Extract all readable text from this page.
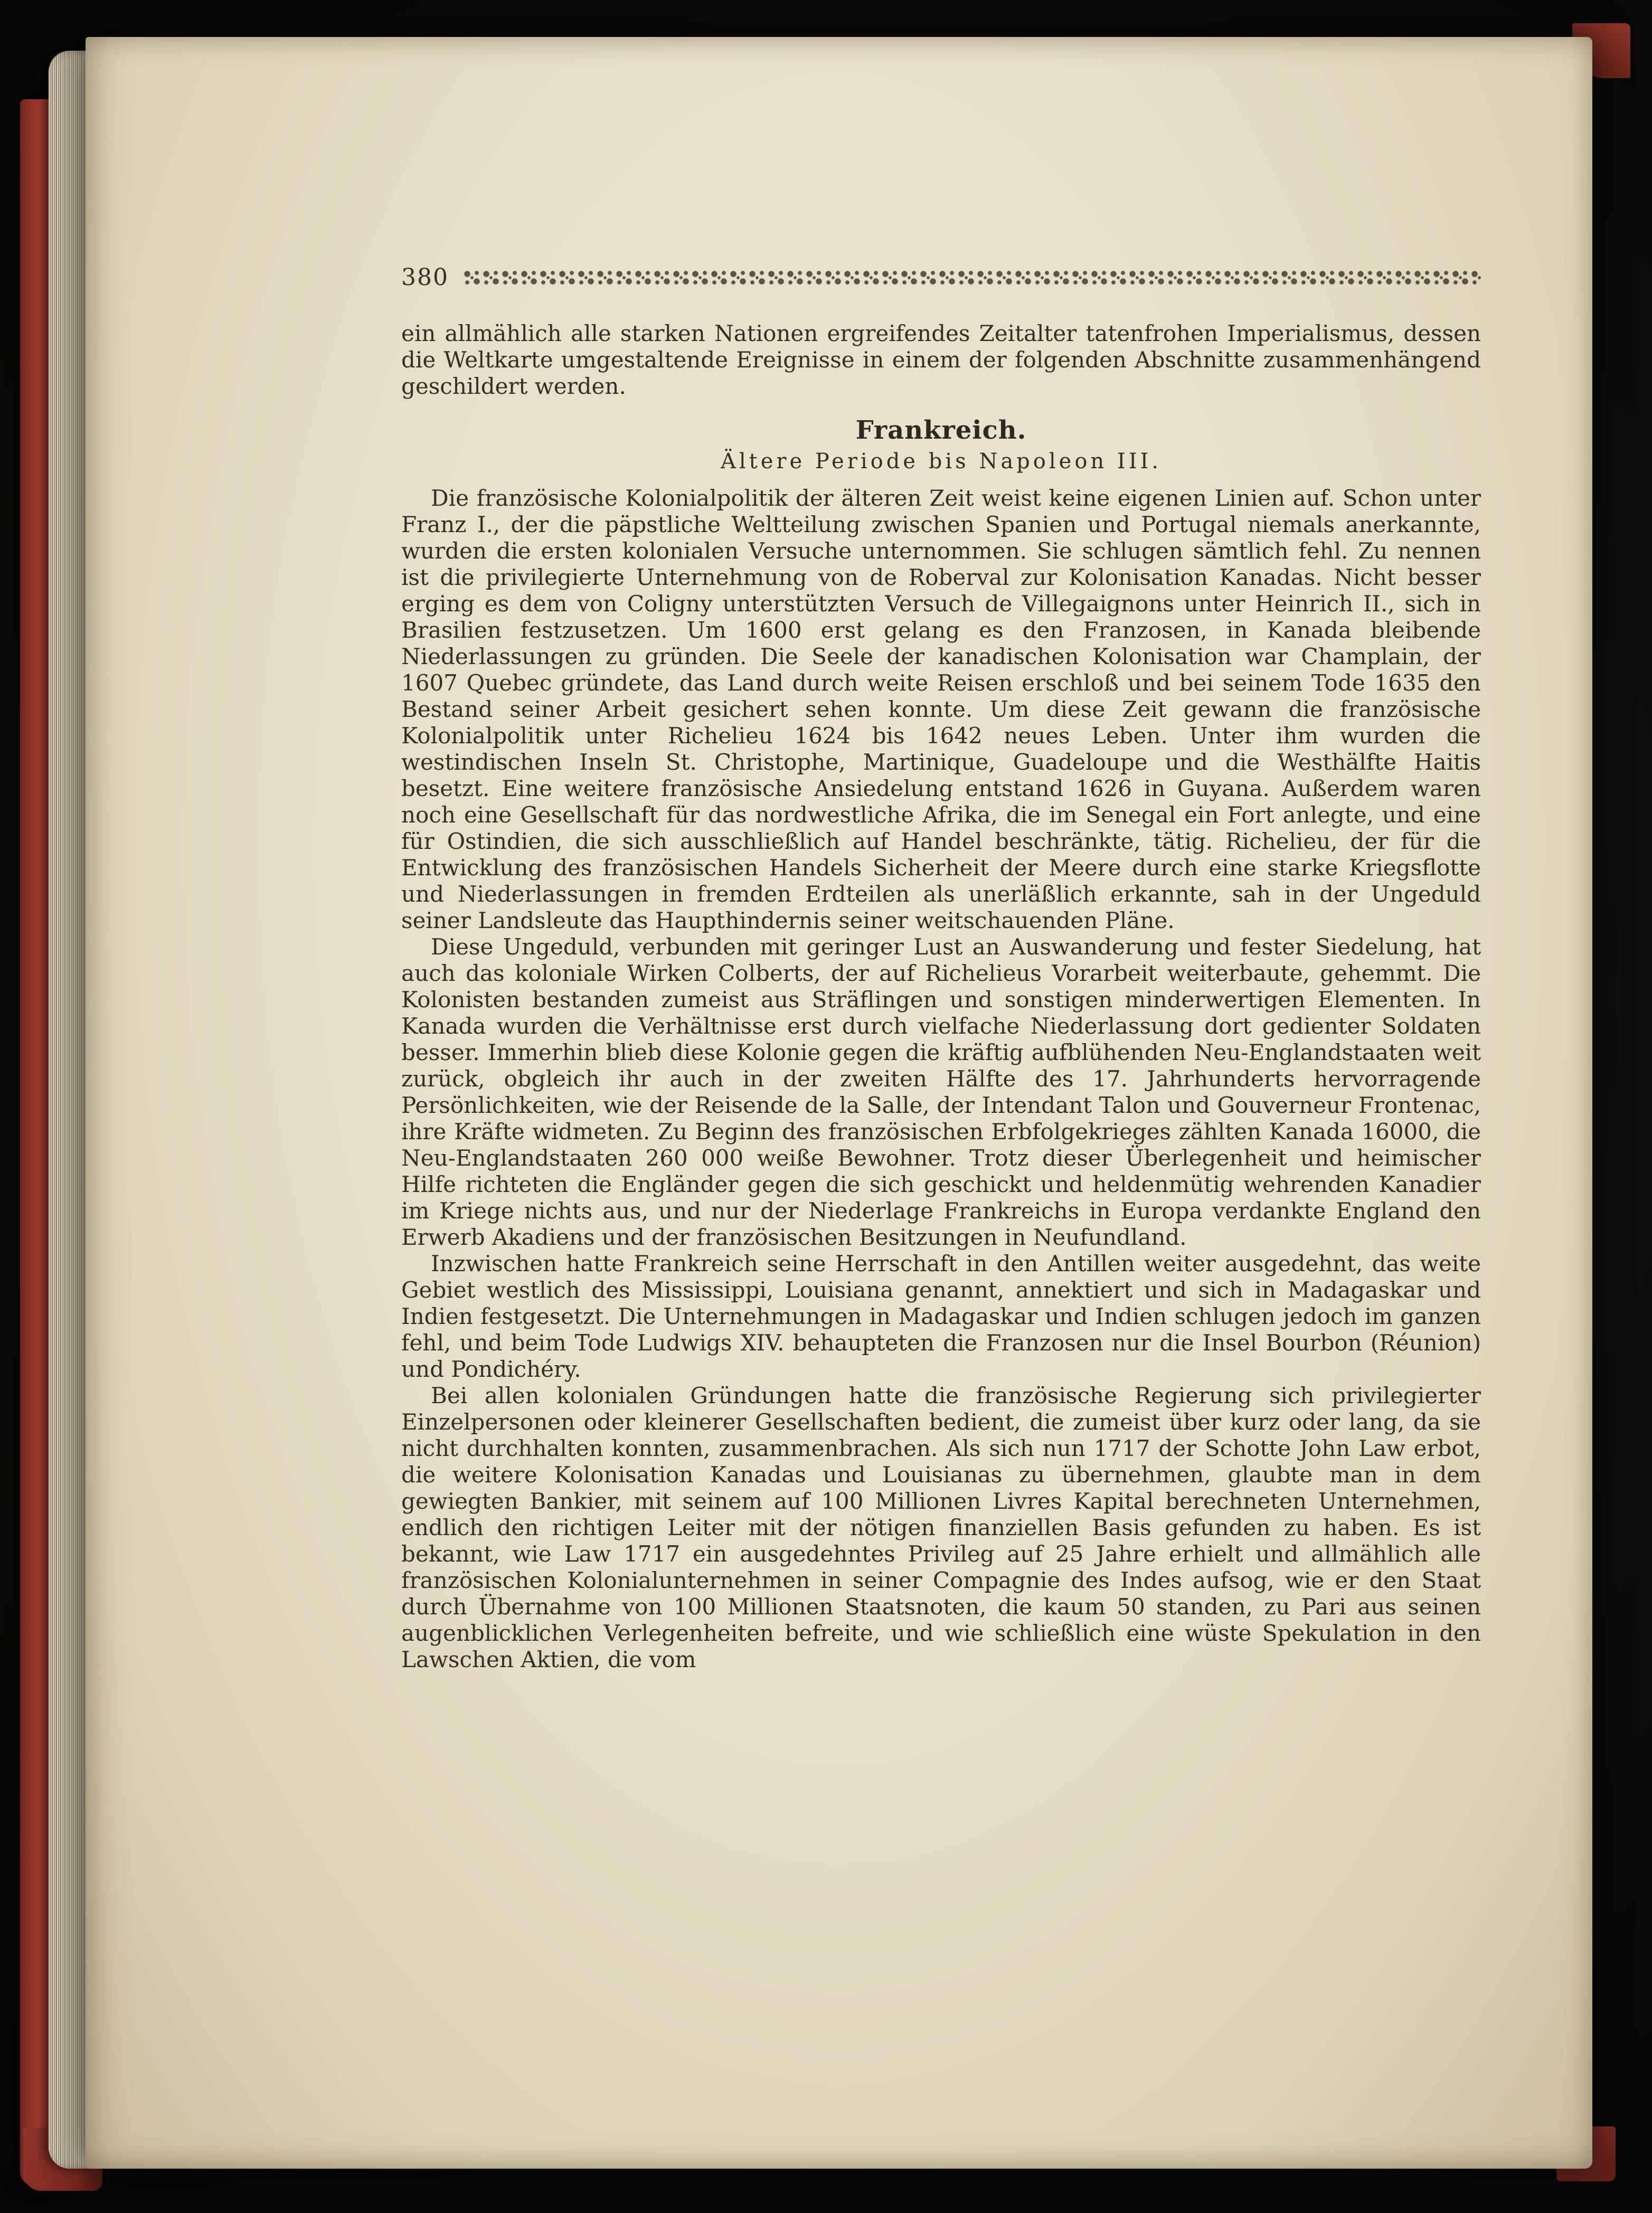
380

ein allmählich alle starken Nationen ergreifendes Zeitalter tatenfrohen Imperialismus, dessen die Weltkarte umgestaltende Ereignisse in einem der folgenden Abschnitte zusammenhängend geschildert werden.

Frankreich.
Ältere Periode bis Napoleon III.

Die französische Kolonialpolitik der älteren Zeit weist keine eigenen Linien auf. Schon unter Franz I., der die päpstliche Weltteilung zwischen Spanien und Portugal niemals anerkannte, wurden die ersten kolonialen Versuche unternommen. Sie schlugen sämtlich fehl. Zu nennen ist die privilegierte Unternehmung von de Roberval zur Kolonisation Kanadas. Nicht besser erging es dem von Coligny unterstützten Versuch de Villegaignons unter Heinrich II., sich in Brasilien festzusetzen. Um 1600 erst gelang es den Franzosen, in Kanada bleibende Niederlassungen zu gründen. Die Seele der kanadischen Kolonisation war Champlain, der 1607 Quebec gründete, das Land durch weite Reisen erschloß und bei seinem Tode 1635 den Bestand seiner Arbeit gesichert sehen konnte. Um diese Zeit gewann die französische Kolonialpolitik unter Richelieu 1624 bis 1642 neues Leben. Unter ihm wurden die westindischen Inseln St. Christophe, Martinique, Guadeloupe und die Westhälfte Haitis besetzt. Eine weitere französische Ansiedelung entstand 1626 in Guyana. Außerdem waren noch eine Gesellschaft für das nordwestliche Afrika, die im Senegal ein Fort anlegte, und eine für Ostindien, die sich ausschließlich auf Handel beschränkte, tätig. Richelieu, der für die Entwicklung des französischen Handels Sicherheit der Meere durch eine starke Kriegsflotte und Niederlassungen in fremden Erdteilen als unerläßlich erkannte, sah in der Ungeduld seiner Landsleute das Haupthindernis seiner weitschauenden Pläne.

Diese Ungeduld, verbunden mit geringer Lust an Auswanderung und fester Siedelung, hat auch das koloniale Wirken Colberts, der auf Richelieus Vorarbeit weiterbaute, gehemmt. Die Kolonisten bestanden zumeist aus Sträflingen und sonstigen minderwertigen Elementen. In Kanada wurden die Verhältnisse erst durch vielfache Niederlassung dort gedienter Soldaten besser. Immerhin blieb diese Kolonie gegen die kräftig aufblühenden Neu-Englandstaaten weit zurück, obgleich ihr auch in der zweiten Hälfte des 17. Jahrhunderts hervorragende Persönlichkeiten, wie der Reisende de la Salle, der Intendant Talon und Gouverneur Frontenac, ihre Kräfte widmeten. Zu Beginn des französischen Erbfolgekrieges zählten Kanada 16000, die Neu-Englandstaaten 260 000 weiße Bewohner. Trotz dieser Überlegenheit und heimischer Hilfe richteten die Engländer gegen die sich geschickt und heldenmütig wehrenden Kanadier im Kriege nichts aus, und nur der Niederlage Frankreichs in Europa verdankte England den Erwerb Akadiens und der französischen Besitzungen in Neufundland.

Inzwischen hatte Frankreich seine Herrschaft in den Antillen weiter ausgedehnt, das weite Gebiet westlich des Mississippi, Louisiana genannt, annektiert und sich in Madagaskar und Indien festgesetzt. Die Unternehmungen in Madagaskar und Indien schlugen jedoch im ganzen fehl, und beim Tode Ludwigs XIV. behaupteten die Franzosen nur die Insel Bourbon (Réunion) und Pondichéry.

Bei allen kolonialen Gründungen hatte die französische Regierung sich privilegierter Einzelpersonen oder kleinerer Gesellschaften bedient, die zumeist über kurz oder lang, da sie nicht durchhalten konnten, zusammenbrachen. Als sich nun 1717 der Schotte John Law erbot, die weitere Kolonisation Kanadas und Louisianas zu übernehmen, glaubte man in dem gewiegten Bankier, mit seinem auf 100 Millionen Livres Kapital berechneten Unternehmen, endlich den richtigen Leiter mit der nötigen finanziellen Basis gefunden zu haben. Es ist bekannt, wie Law 1717 ein ausgedehntes Privileg auf 25 Jahre erhielt und allmählich alle französischen Kolonialunternehmen in seiner Compagnie des Indes aufsog, wie er den Staat durch Übernahme von 100 Millionen Staatsnoten, die kaum 50 standen, zu Pari aus seinen augenblicklichen Verlegenheiten befreite, und wie schließlich eine wüste Spekulation in den Lawschen Aktien, die vom
